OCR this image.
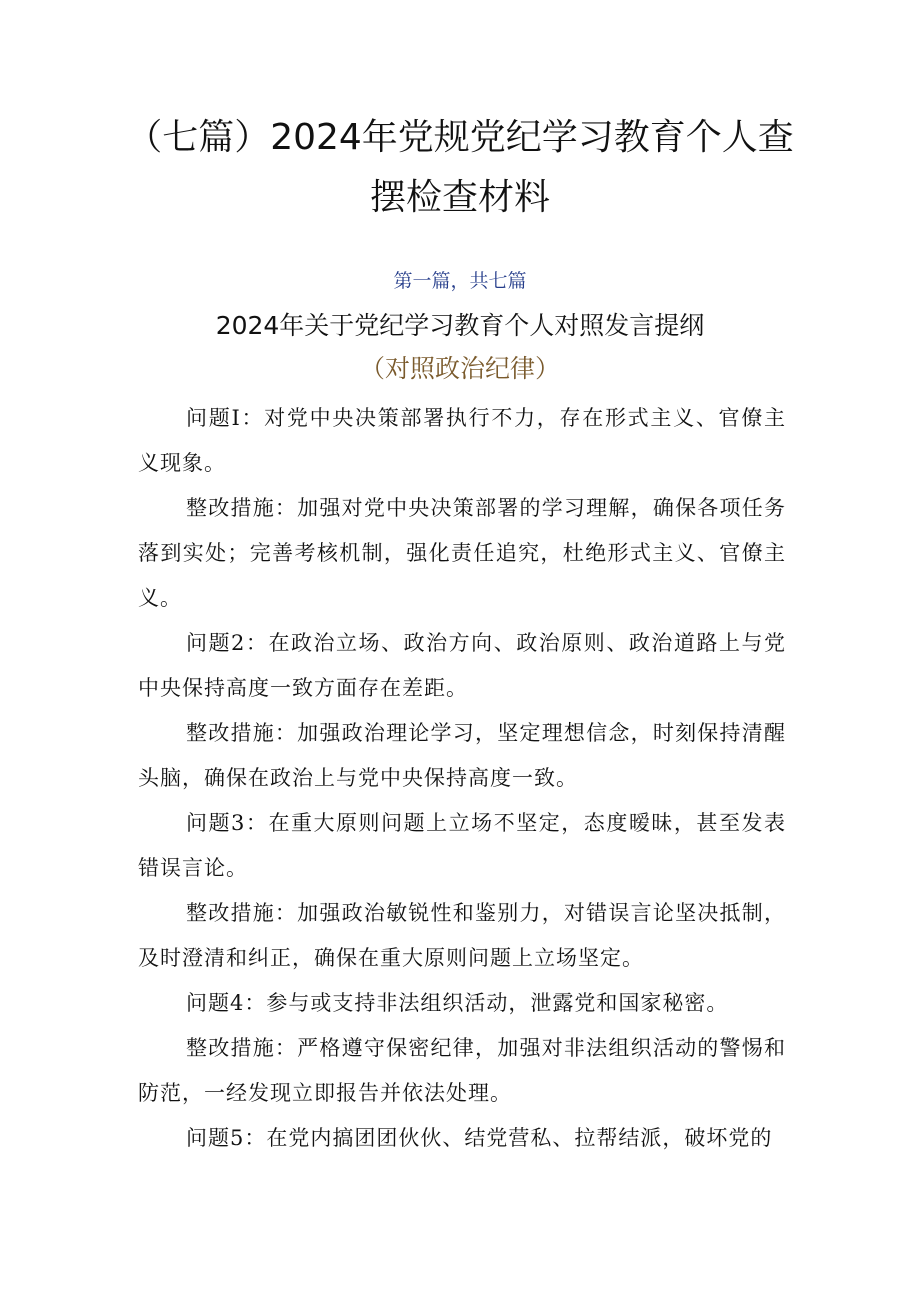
（七篇）2024年党规党纪学习教育个人查
摆检查材料
第一篇，共七篇
2024年关于党纪学习教育个人对照发言提纲
（对照政治纪律）

问题I：对党中央决策部署执行不力，存在形式主义、官僚主义现象。

整改措施：加强对党中央决策部署的学习理解，确保各项任务落到实处；完善考核机制，强化责任追究，杜绝形式主义、官僚主义。

问题2：在政治立场、政治方向、政治原则、政治道路上与党中央保持高度一致方面存在差距。

整改措施：加强政治理论学习，坚定理想信念，时刻保持清醒头脑，确保在政治上与党中央保持高度一致。

问题3：在重大原则问题上立场不坚定，态度暧昧，甚至发表错误言论。

整改措施：加强政治敏锐性和鉴别力，对错误言论坚决抵制，及时澄清和纠正，确保在重大原则问题上立场坚定。

问题4：参与或支持非法组织活动，泄露党和国家秘密。

整改措施：严格遵守保密纪律，加强对非法组织活动的警惕和防范，一经发现立即报告并依法处理。

问题5：在党内搞团团伙伙、结党营私、拉帮结派，破坏党的
